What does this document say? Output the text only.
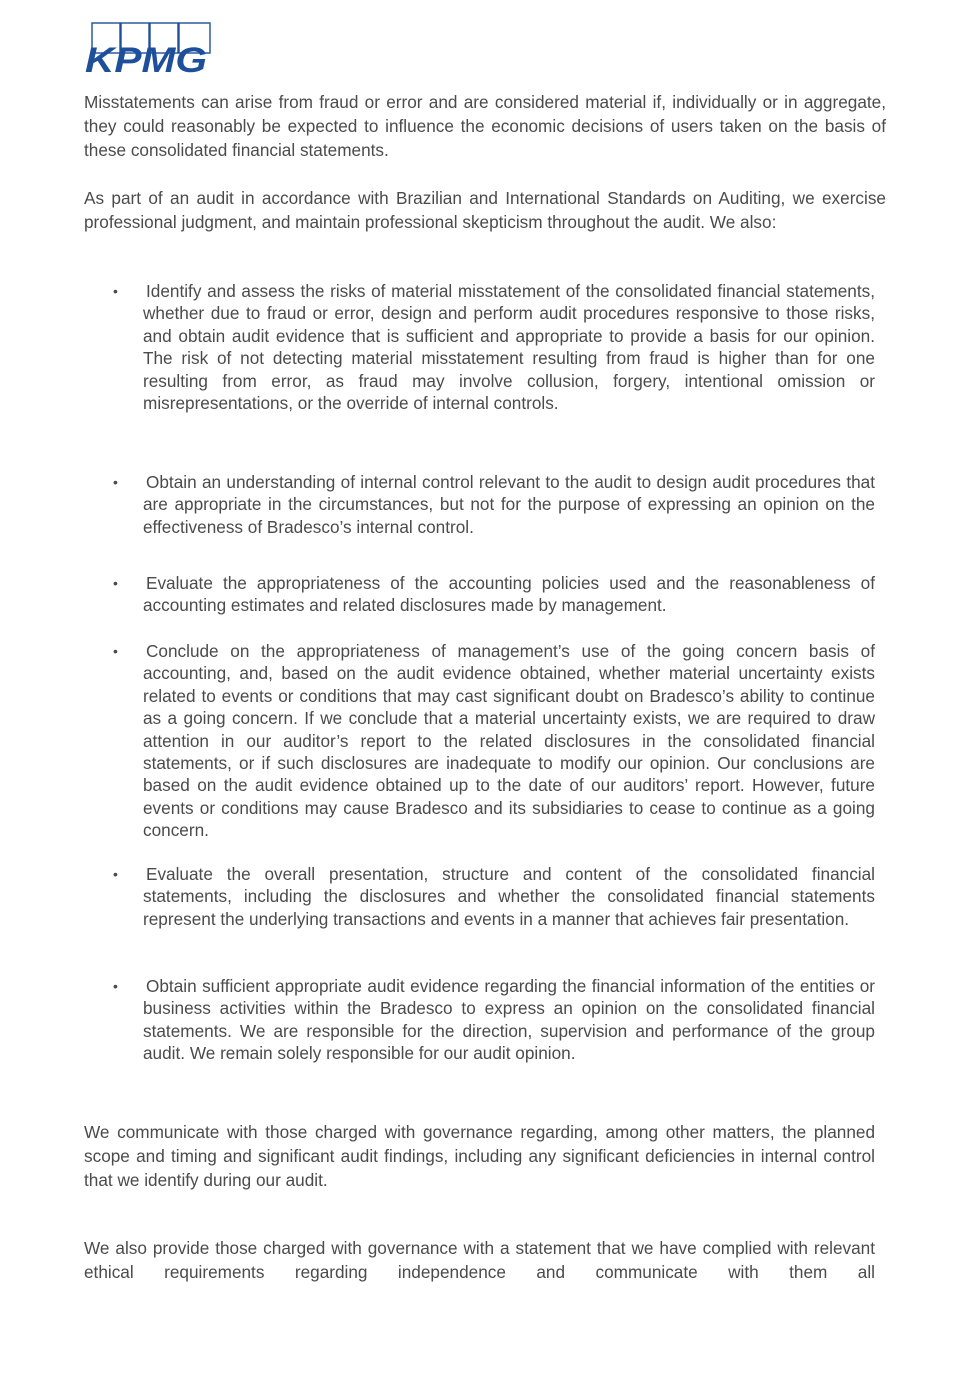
KPMG

Misstatements can arise from fraud or error and are considered material if, individually or in aggregate, they could reasonably be expected to influence the economic decisions of users taken on the basis of these consolidated financial statements.

As part of an audit in accordance with Brazilian and International Standards on Auditing, we exercise professional judgment, and maintain professional skepticism throughout the audit. We also:

• Identify and assess the risks of material misstatement of the consolidated financial statements, whether due to fraud or error, design and perform audit procedures responsive to those risks, and obtain audit evidence that is sufficient and appropriate to provide a basis for our opinion. The risk of not detecting material misstatement resulting from fraud is higher than for one resulting from error, as fraud may involve collusion, forgery, intentional omission or misrepresentations, or the override of internal controls.
• Obtain an understanding of internal control relevant to the audit to design audit procedures that are appropriate in the circumstances, but not for the purpose of expressing an opinion on the effectiveness of Bradesco’s internal control.
• Evaluate the appropriateness of the accounting policies used and the reasonableness of accounting estimates and related disclosures made by management.
• Conclude on the appropriateness of management’s use of the going concern basis of accounting, and, based on the audit evidence obtained, whether material uncertainty exists related to events or conditions that may cast significant doubt on Bradesco’s ability to continue as a going concern. If we conclude that a material uncertainty exists, we are required to draw attention in our auditor’s report to the related disclosures in the consolidated financial statements, or if such disclosures are inadequate to modify our opinion. Our conclusions are based on the audit evidence obtained up to the date of our auditors’ report. However, future events or conditions may cause Bradesco and its subsidiaries to cease to continue as a going concern.
• Evaluate the overall presentation, structure and content of the consolidated financial statements, including the disclosures and whether the consolidated financial statements represent the underlying transactions and events in a manner that achieves fair presentation.
• Obtain sufficient appropriate audit evidence regarding the financial information of the entities or business activities within the Bradesco to express an opinion on the consolidated financial statements. We are responsible for the direction, supervision and performance of the group audit. We remain solely responsible for our audit opinion.

We communicate with those charged with governance regarding, among other matters, the planned scope and timing and significant audit findings, including any significant deficiencies in internal control that we identify during our audit.

We also provide those charged with governance with a statement that we have complied with relevant ethical requirements regarding independence and communicate with them all
